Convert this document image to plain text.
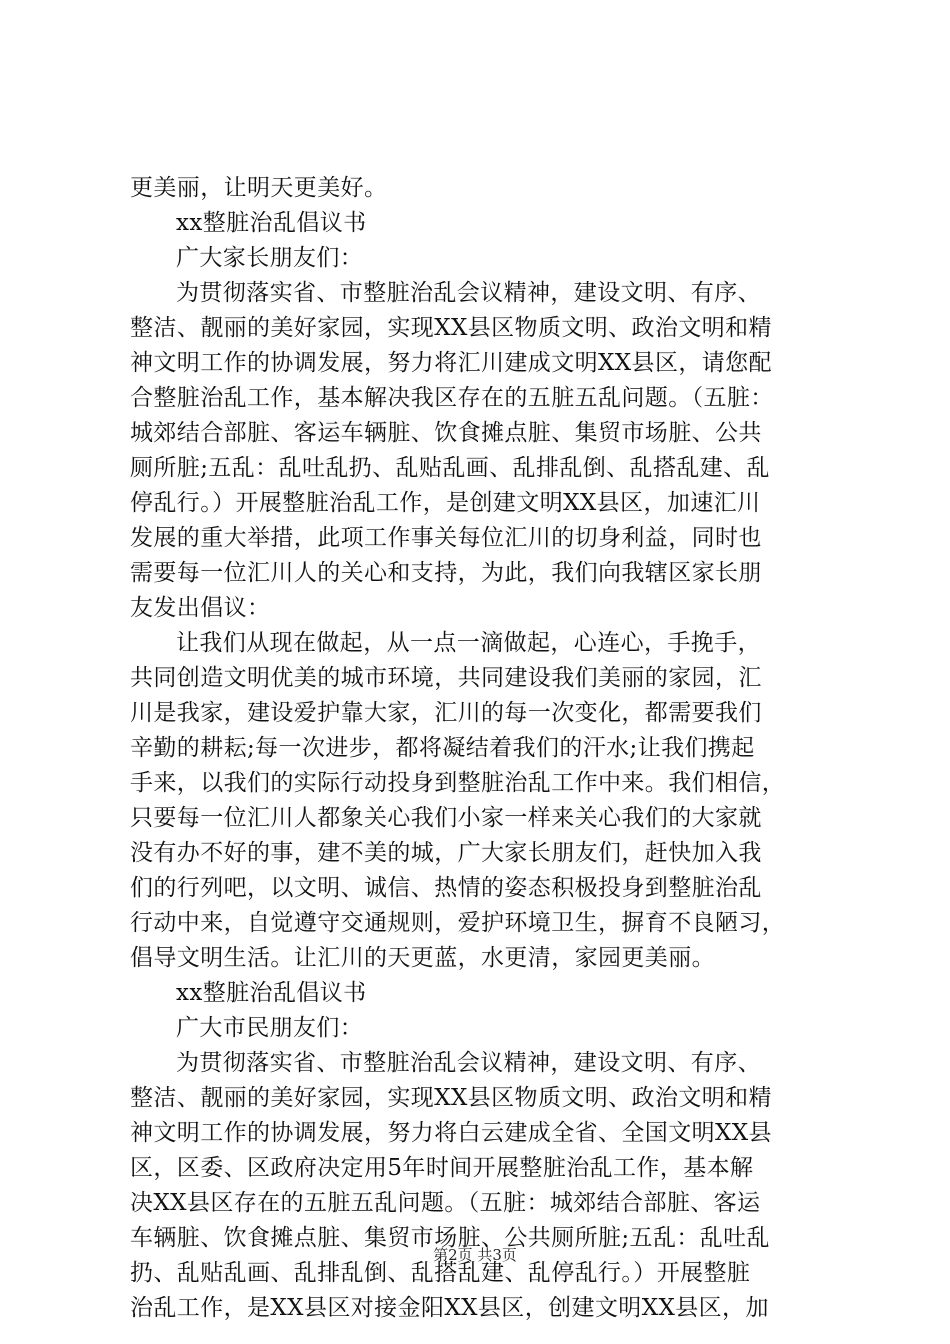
更美丽，让明天更美好。
xx整脏治乱倡议书
广大家长朋友们：
为贯彻落实省、市整脏治乱会议精神，建设文明、有序、
整洁、靓丽的美好家园，实现XX县区物质文明、政治文明和精
神文明工作的协调发展，努力将汇川建成文明XX县区，请您配
合整脏治乱工作，基本解决我区存在的五脏五乱问题。（五脏：
城郊结合部脏、客运车辆脏、饮食摊点脏、集贸市场脏、公共
厕所脏;五乱：乱吐乱扔、乱贴乱画、乱排乱倒、乱搭乱建、乱
停乱行。）开展整脏治乱工作，是创建文明XX县区，加速汇川
发展的重大举措，此项工作事关每位汇川的切身利益，同时也
需要每一位汇川人的关心和支持，为此，我们向我辖区家长朋
友发出倡议：
让我们从现在做起，从一点一滴做起，心连心，手挽手，
共同创造文明优美的城市环境，共同建设我们美丽的家园，汇
川是我家，建设爱护靠大家，汇川的每一次变化，都需要我们
辛勤的耕耘;每一次进步，都将凝结着我们的汗水;让我们携起
手来，以我们的实际行动投身到整脏治乱工作中来。我们相信，
只要每一位汇川人都象关心我们小家一样来关心我们的大家就
没有办不好的事，建不美的城，广大家长朋友们，赶快加入我
们的行列吧，以文明、诚信、热情的姿态积极投身到整脏治乱
行动中来，自觉遵守交通规则，爱护环境卫生，摒育不良陋习，
倡导文明生活。让汇川的天更蓝，水更清，家园更美丽。
xx整脏治乱倡议书
广大市民朋友们：
为贯彻落实省、市整脏治乱会议精神，建设文明、有序、
整洁、靓丽的美好家园，实现XX县区物质文明、政治文明和精
神文明工作的协调发展，努力将白云建成全省、全国文明XX县
区，区委、区政府决定用5年时间开展整脏治乱工作，基本解
决XX县区存在的五脏五乱问题。（五脏：城郊结合部脏、客运
车辆脏、饮食摊点脏、集贸市场脏、公共厕所脏;五乱：乱吐乱
扔、乱贴乱画、乱排乱倒、乱搭乱建、乱停乱行。）开展整脏
治乱工作，是XX县区对接金阳XX县区，创建文明XX县区，加
第2页 共3页
